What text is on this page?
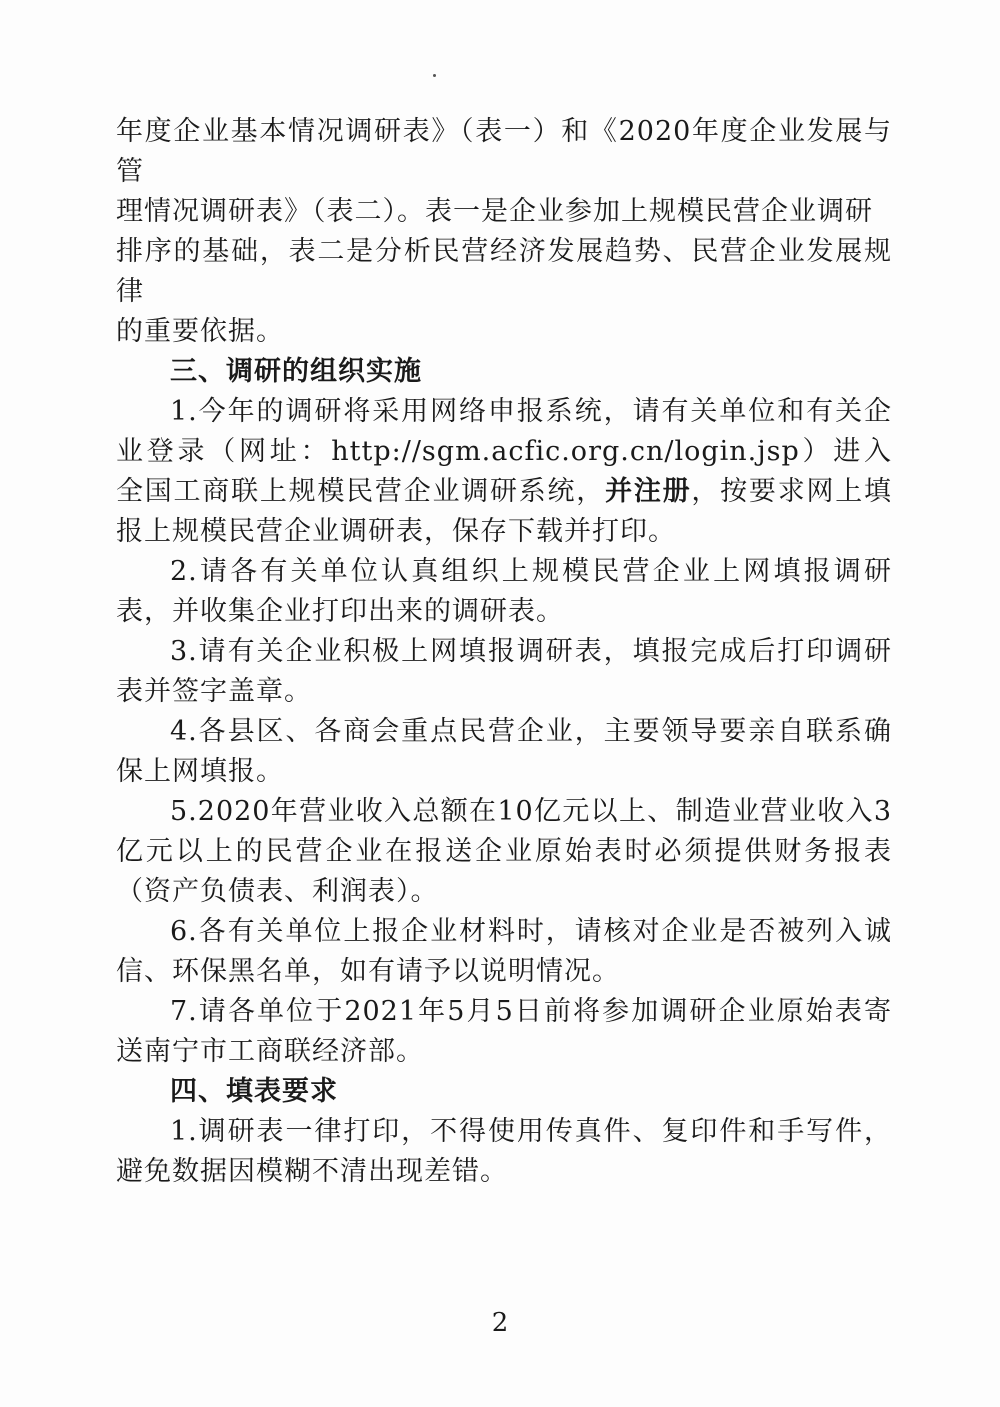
年度企业基本情况调研表》（表一）和《2020年度企业发展与管

理情况调研表》（表二）。表一是企业参加上规模民营企业调研

排序的基础，表二是分析民营经济发展趋势、民营企业发展规律

的重要依据。

三、调研的组织实施

1.今年的调研将采用网络申报系统，请有关单位和有关企业登录（网址：http://sgm.acfic.org.cn/login.jsp）进入全国工商联上规模民营企业调研系统，并注册，按要求网上填报上规模民营企业调研表，保存下载并打印。

2.请各有关单位认真组织上规模民营企业上网填报调研表，并收集企业打印出来的调研表。

3.请有关企业积极上网填报调研表，填报完成后打印调研表并签字盖章。

4.各县区、各商会重点民营企业，主要领导要亲自联系确保上网填报。

5.2020年营业收入总额在10亿元以上、制造业营业收入3亿元以上的民营企业在报送企业原始表时必须提供财务报表（资产负债表、利润表）。

6.各有关单位上报企业材料时，请核对企业是否被列入诚信、环保黑名单，如有请予以说明情况。

7.请各单位于2021年5月5日前将参加调研企业原始表寄送南宁市工商联经济部。

四、填表要求

1.调研表一律打印，不得使用传真件、复印件和手写件，避免数据因模糊不清出现差错。

2
